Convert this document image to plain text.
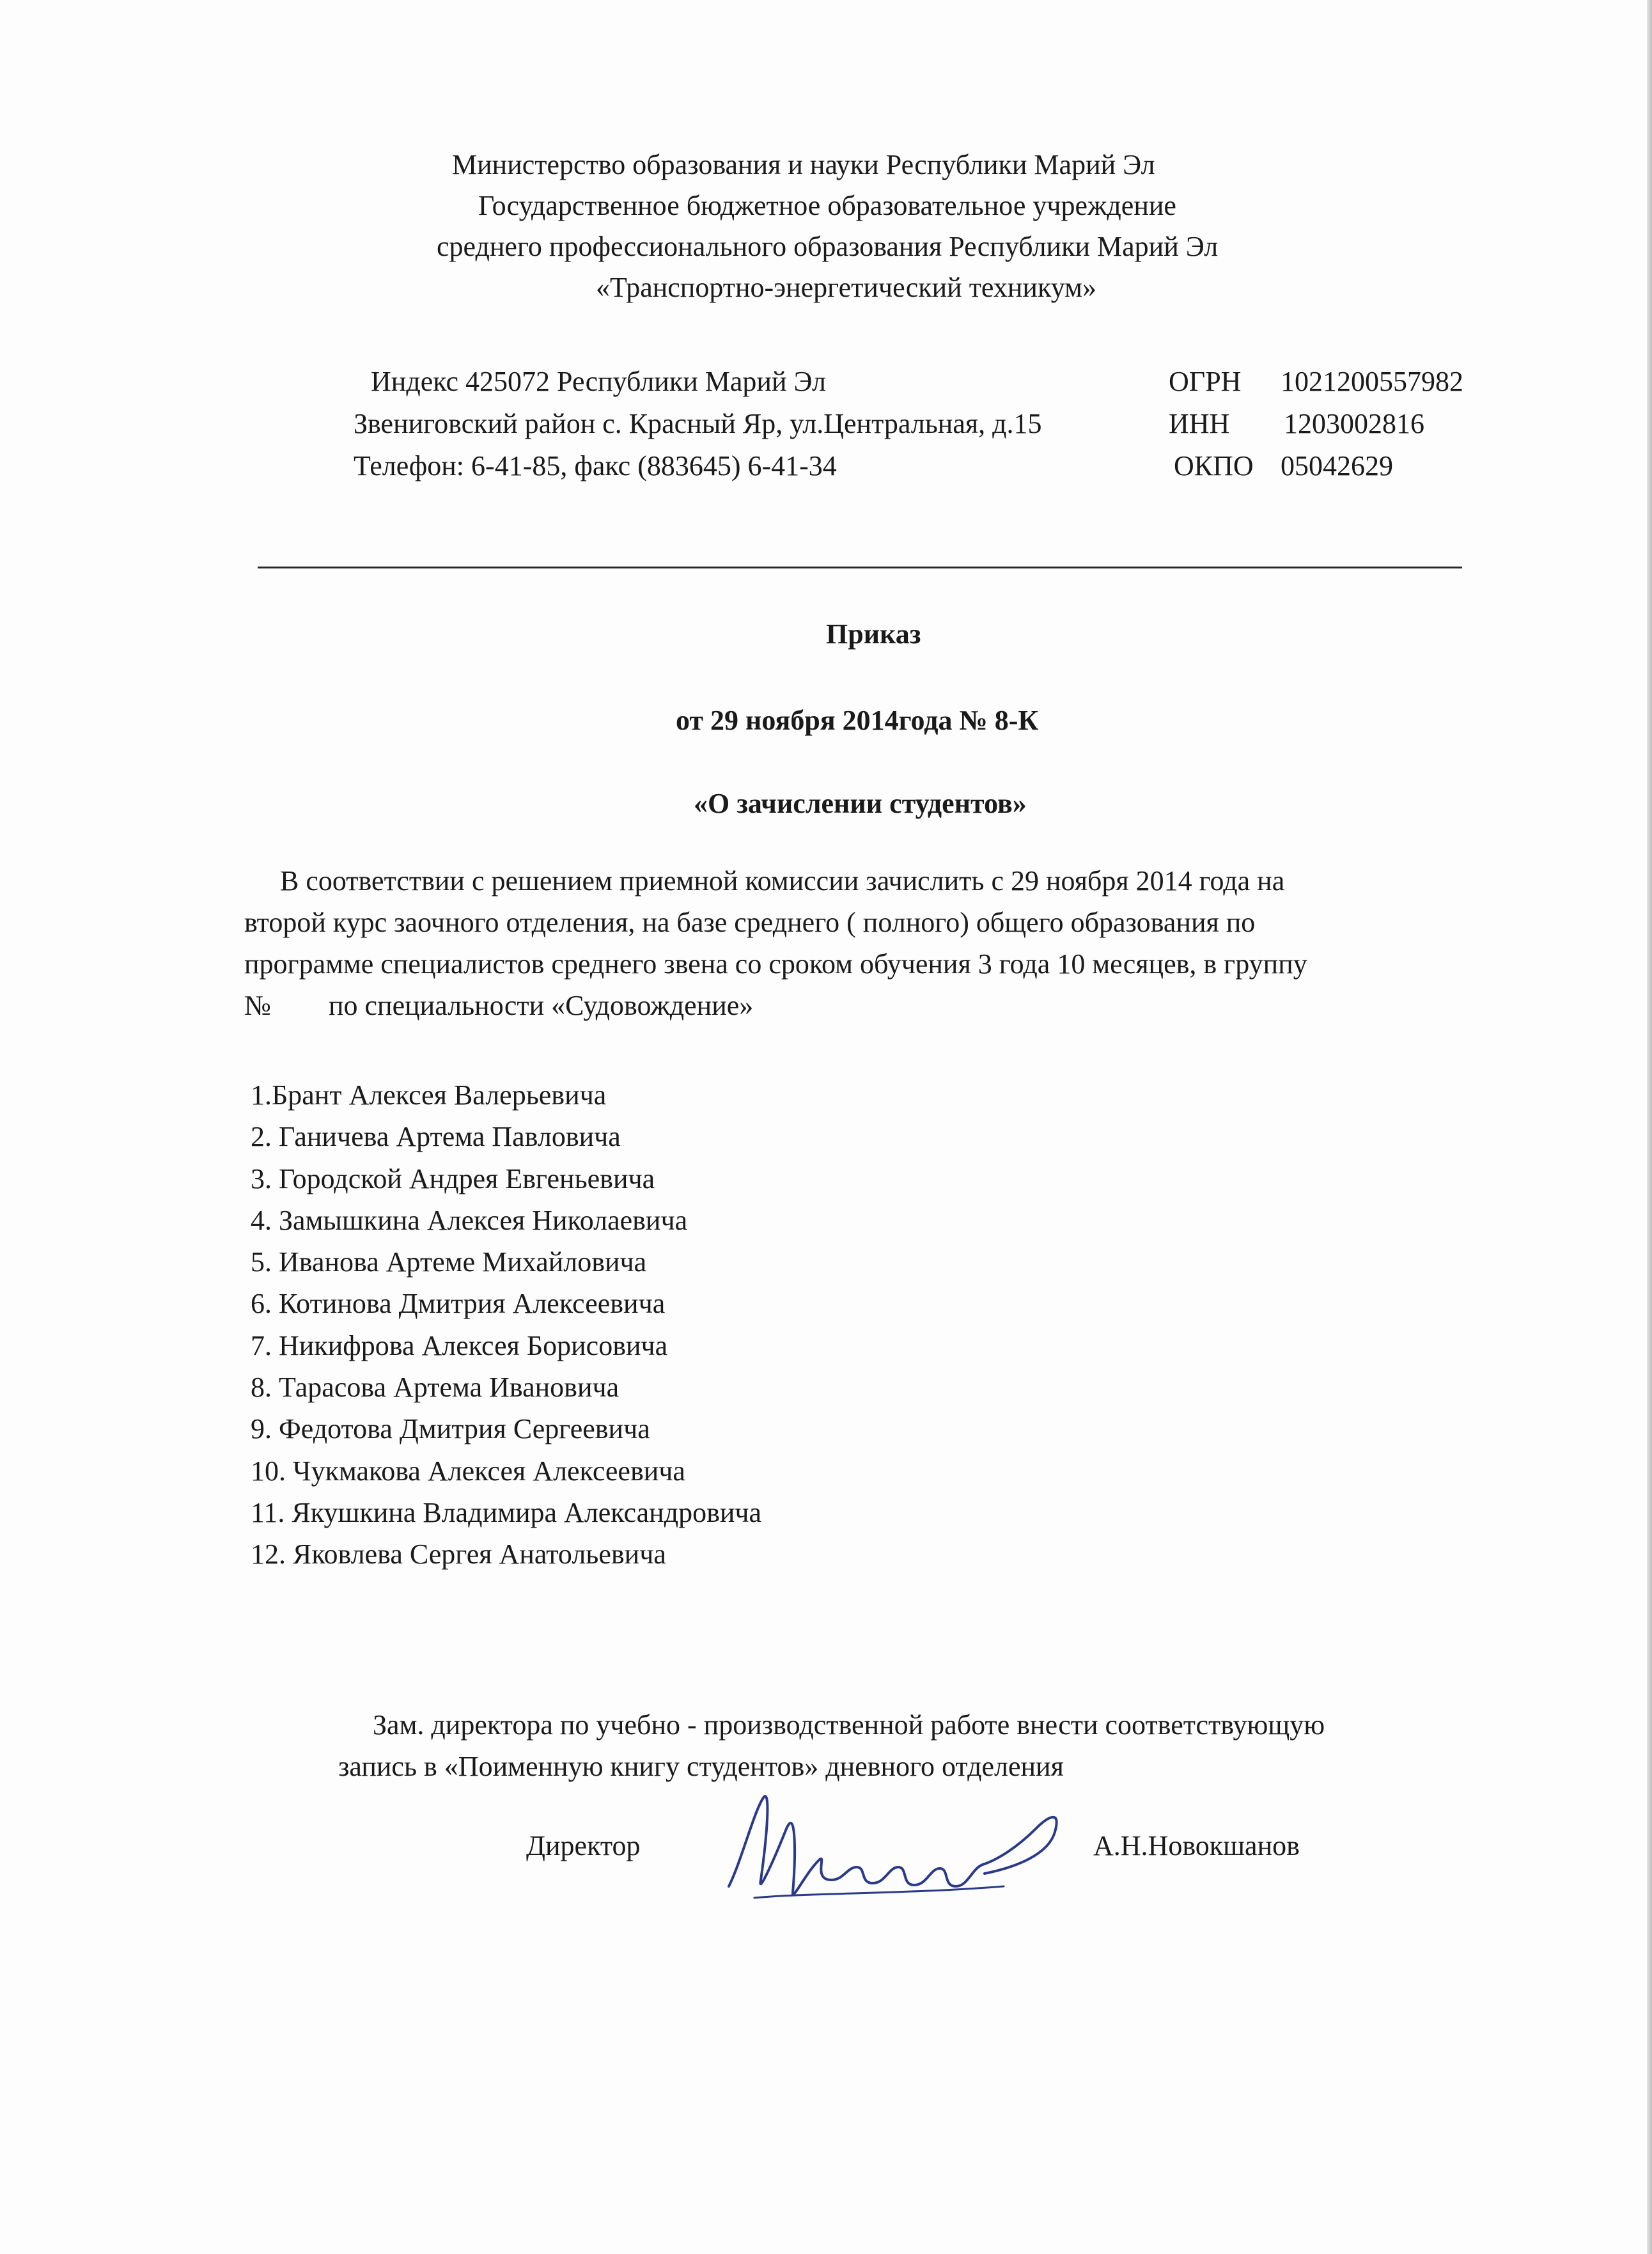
Министерство образования и науки Республики Марий Эл
Государственное бюджетное образовательное учреждение
среднего профессионального образования Республики Марий Эл
«Транспортно-энергетический техникум»
Индекс 425072 Республики Марий Эл
Звениговский район с. Красный Яр, ул.Центральная, д.15
Телефон: 6-41-85, факс (883645) 6-41-34
ОГРН 1021200557982
ИНН 1203002816
ОКПО 05042629
Приказ
от 29 ноября 2014года № 8-К
«О зачислении студентов»
В соответствии с решением приемной комиссии зачислить с 29 ноября 2014 года на
второй курс заочного отделения, на базе среднего ( полного) общего образования по
программе специалистов среднего звена со сроком обучения 3 года 10 месяцев, в группу
№ по специальности «Судовождение»
1.Брант Алексея Валерьевича
2. Ганичева Артема Павловича
3. Городской Андрея Евгеньевича
4. Замышкина Алексея Николаевича
5. Иванова Артеме Михайловича
6. Котинова Дмитрия Алексеевича
7. Никифрова Алексея Борисовича
8. Тарасова Артема Ивановича
9. Федотова Дмитрия Сергеевича
10. Чукмакова Алексея Алексеевича
11. Якушкина Владимира Александровича
12. Яковлева Сергея Анатольевича
Зам. директора по учебно - производственной работе внести соответствующую
запись в «Поименную книгу студентов» дневного отделения
Директор	А.Н.Новокшанов
